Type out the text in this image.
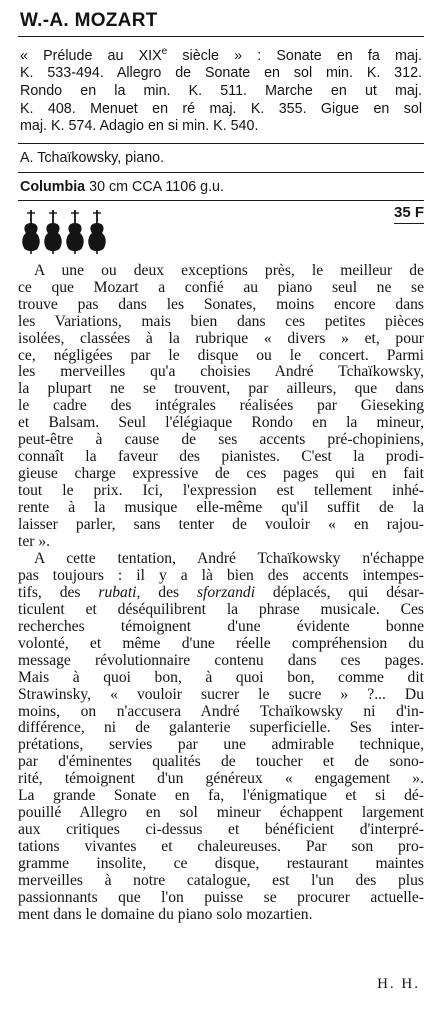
W.-A. MOZART
« Prélude au XIXe siècle » : Sonate en fa maj.
K. 533-494. Allegro de Sonate en sol min. K. 312.
Rondo en la min. K. 511. Marche en ut maj.
K. 408. Menuet en ré maj. K. 355. Gigue en sol
maj. K. 574. Adagio en si min. K. 540.
A. Tchaïkowsky, piano.
Columbia 30 cm CCA 1106 g.u.
35 F
A une ou deux exceptions près, le meilleur de
ce que Mozart a confié au piano seul ne se
trouve pas dans les Sonates, moins encore dans
les Variations, mais bien dans ces petites pièces
isolées, classées à la rubrique « divers » et, pour
ce, négligées par le disque ou le concert. Parmi
les merveilles qu'a choisies André Tchaïkowsky,
la plupart ne se trouvent, par ailleurs, que dans
le cadre des intégrales réalisées par Gieseking
et Balsam. Seul l'élégiaque Rondo en la mineur,
peut-être à cause de ses accents pré-chopiniens,
connaît la faveur des pianistes. C'est la prodi-
gieuse charge expressive de ces pages qui en fait
tout le prix. Ici, l'expression est tellement inhé-
rente à la musique elle-même qu'il suffit de la
laisser parler, sans tenter de vouloir « en rajou-
ter ».
A cette tentation, André Tchaïkowsky n'échappe
pas toujours : il y a là bien des accents intempes-
tifs, des rubati, des sforzandi déplacés, qui désar-
ticulent et déséquilibrent la phrase musicale. Ces
recherches témoignent d'une évidente bonne
volonté, et même d'une réelle compréhension du
message révolutionnaire contenu dans ces pages.
Mais à quoi bon, à quoi bon, comme dit
Strawinsky, « vouloir sucrer le sucre » ?... Du
moins, on n'accusera André Tchaïkowsky ni d'in-
différence, ni de galanterie superficielle. Ses inter-
prétations, servies par une admirable technique,
par d'éminentes qualités de toucher et de sono-
rité, témoignent d'un généreux « engagement ».
La grande Sonate en fa, l'énigmatique et si dé-
pouillé Allegro en sol mineur échappent largement
aux critiques ci-dessus et bénéficient d'interpré-
tations vivantes et chaleureuses. Par son pro-
gramme insolite, ce disque, restaurant maintes
merveilles à notre catalogue, est l'un des plus
passionnants que l'on puisse se procurer actuelle-
ment dans le domaine du piano solo mozartien.
H. H.
